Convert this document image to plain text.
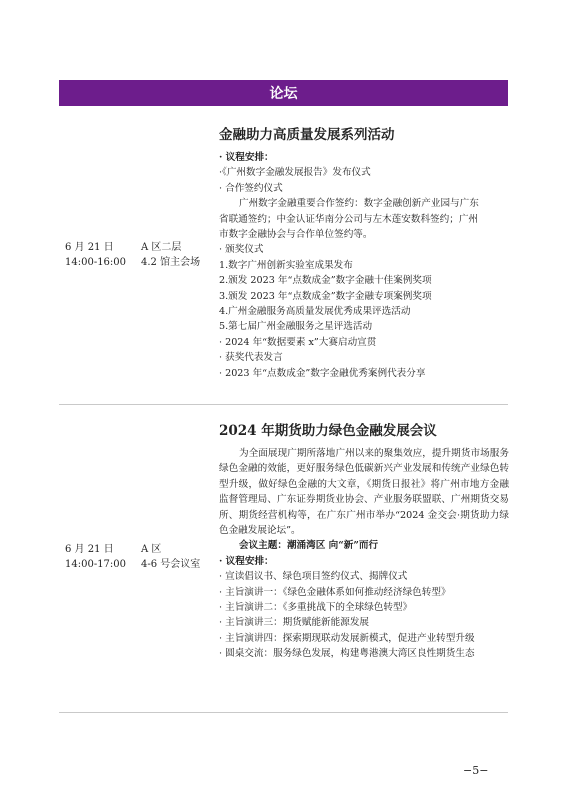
论坛
6 月 21 日
14:00-16:00
A 区二层
4.2 馆主会场
金融助力高质量发展系列活动
· 议程安排：
·《广州数字金融发展报告》发布仪式
· 合作签约仪式
广州数字金融重要合作签约：数字金融创新产业园与广东
省联通签约；中金认证华南分公司与左木莲安数科签约；广州
市数字金融协会与合作单位签约等。
· 颁奖仪式
1.数字广州创新实验室成果发布
2.颁发 2023 年“点数成金”数字金融十佳案例奖项
3.颁发 2023 年“点数成金”数字金融专项案例奖项
4.广州金融服务高质量发展优秀成果评选活动
5.第七届广州金融服务之星评选活动
· 2024 年“数据要素 x”大赛启动宣贯
· 获奖代表发言
· 2023 年“点数成金”数字金融优秀案例代表分享
6 月 21 日
14:00-17:00
A 区
4-6 号会议室
2024 年期货助力绿色金融发展会议

为全面展现广期所落地广州以来的聚集效应，提升期货市场服务绿色金融的效能，更好服务绿色低碳新兴产业发展和传统产业绿色转型升级，做好绿色金融的大文章，《期货日报社》将广州市地方金融监督管理局、广东证券期货业协会、产业服务联盟联、广州期货交易所、期货经营机构等，在广东广州市举办“2024 金交会·期货助力绿色金融发展论坛”。

会议主题：潮涌湾区 向“新”而行
· 议程安排：
· 宣读倡议书、绿色项目签约仪式、揭牌仪式
· 主旨演讲一：《绿色金融体系如何推动经济绿色转型》
· 主旨演讲二：《多重挑战下的全球绿色转型》
· 主旨演讲三：期货赋能新能源发展
· 主旨演讲四：探索期现联动发展新模式，促进产业转型升级
· 圆桌交流：服务绿色发展，构建粤港澳大湾区良性期货生态
−5−
